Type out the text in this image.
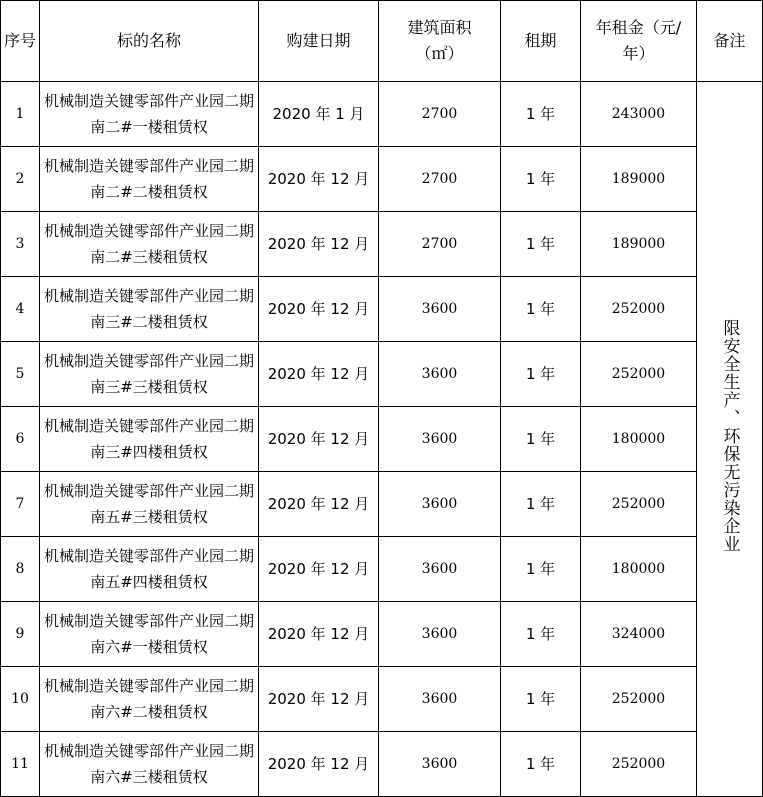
序号	标的名称	购建日期	建筑面积（㎡）	租期	年租金（元/年）	备注
1	机械制造关键零部件产业园二期南二#一楼租赁权	2020 年 1 月	2700	1 年	243000	限安全生产、环保无污染企业
2	机械制造关键零部件产业园二期南二#二楼租赁权	2020 年 12 月	2700	1 年	189000	
3	机械制造关键零部件产业园二期南二#三楼租赁权	2020 年 12 月	2700	1 年	189000	
4	机械制造关键零部件产业园二期南三#二楼租赁权	2020 年 12 月	3600	1 年	252000	
5	机械制造关键零部件产业园二期南三#三楼租赁权	2020 年 12 月	3600	1 年	252000	
6	机械制造关键零部件产业园二期南三#四楼租赁权	2020 年 12 月	3600	1 年	180000	
7	机械制造关键零部件产业园二期南五#三楼租赁权	2020 年 12 月	3600	1 年	252000	
8	机械制造关键零部件产业园二期南五#四楼租赁权	2020 年 12 月	3600	1 年	180000	
9	机械制造关键零部件产业园二期南六#一楼租赁权	2020 年 12 月	3600	1 年	324000	
10	机械制造关键零部件产业园二期南六#二楼租赁权	2020 年 12 月	3600	1 年	252000	
11	机械制造关键零部件产业园二期南六#三楼租赁权	2020 年 12 月	3600	1 年	252000	
